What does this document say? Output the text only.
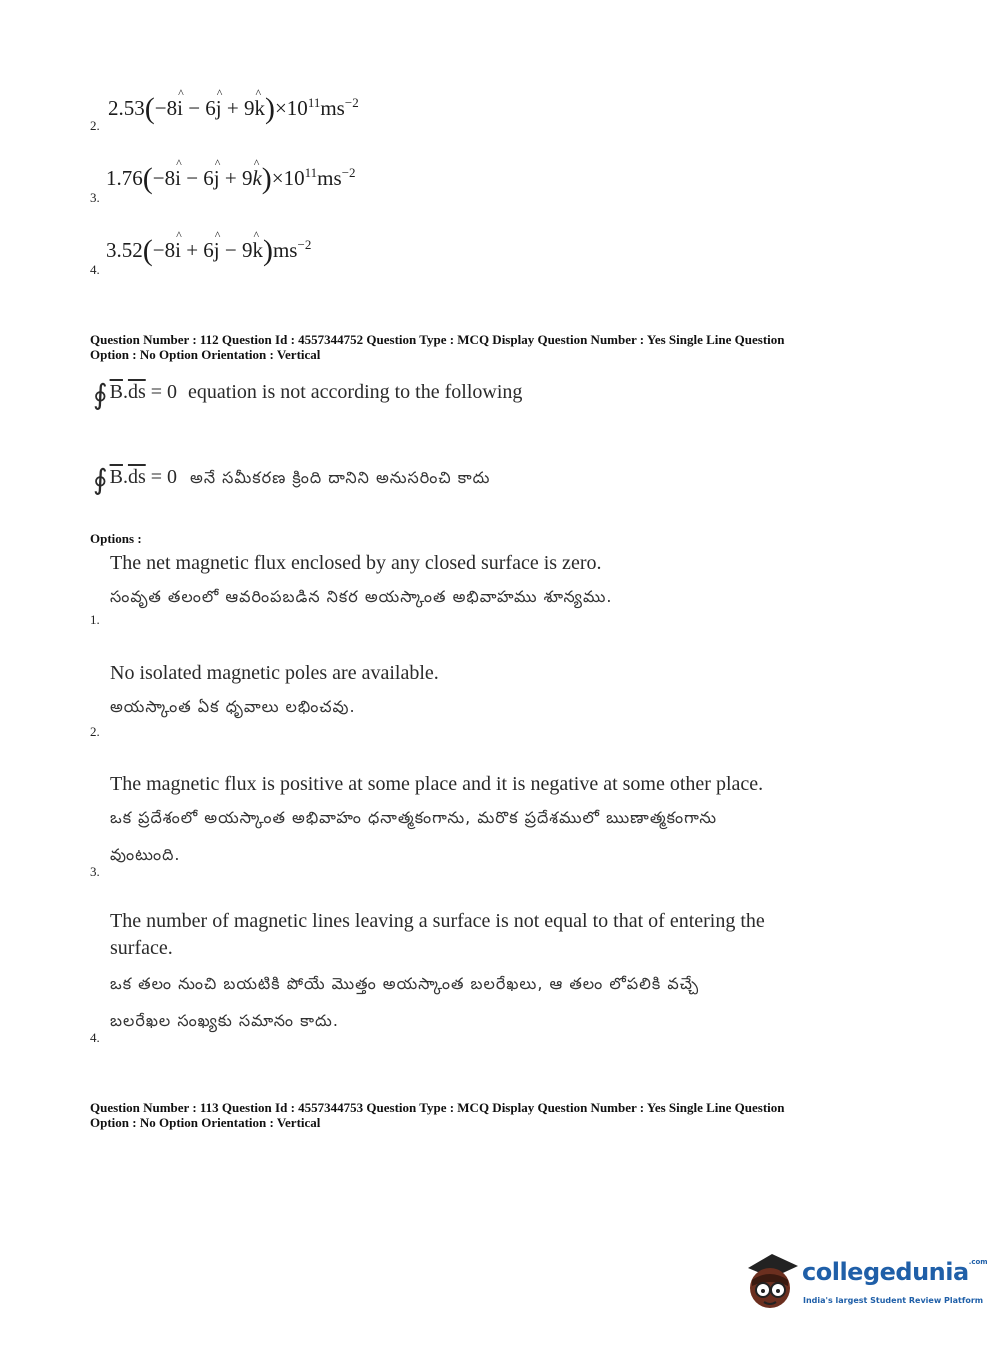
2.53(−8i ^ − 6j ^ + 9k $\^{})\times 10^{11}ms^{-2}$
2.
1.76(−8i ^ − 6j ^ + 9k $\^{})\times 10^{11}ms^{-2}$
3.
3.52(−8i ^ + 6j ^ − 9k $\^{})ms^{-2}$
4.
Question Number : 112 Question Id : 4557344752 Question Type : MCQ Display Question Number : Yes Single Line Question
Option : No Option Orientation : Vertical
∮ $\overline{B}.\overline{ds} = 0$ equation is not according to the following
∮ $\overline{B}.\overline{ds} = 0$ అనే సమీకరణ క్రింది దానిని అనుసరించి కాదు
Options :
The net magnetic flux enclosed by any closed surface is zero.
సంవృత తలంలో ఆవరింపబడిన నికర అయస్కాంత అభివాహము శూన్యము.
1.
No isolated magnetic poles are available.
అయస్కాంత ఏక ధృవాలు లభించవు.
2.
The magnetic flux is positive at some place and it is negative at some other place.
ఒక ప్రదేశంలో అయస్కాంత అభివాహం ధనాత్మకంగాను, మరొక ప్రదేశములో ఋణాత్మకంగాను
వుంటుంది.
3.
The number of magnetic lines leaving a surface is not equal to that of entering the
surface.
ఒక తలం నుంచి బయటికి పోయే మొత్తం అయస్కాంత బలరేఖలు, ఆ తలం లోపలికి వచ్చే
బలరేఖల సంఖ్యకు సమానం కాదు.
4.
Question Number : 113 Question Id : 4557344753 Question Type : MCQ Display Question Number : Yes Single Line Question
Option : No Option Orientation : Vertical
collegedunia$^{.com}$
India's largest Student Review Platform
